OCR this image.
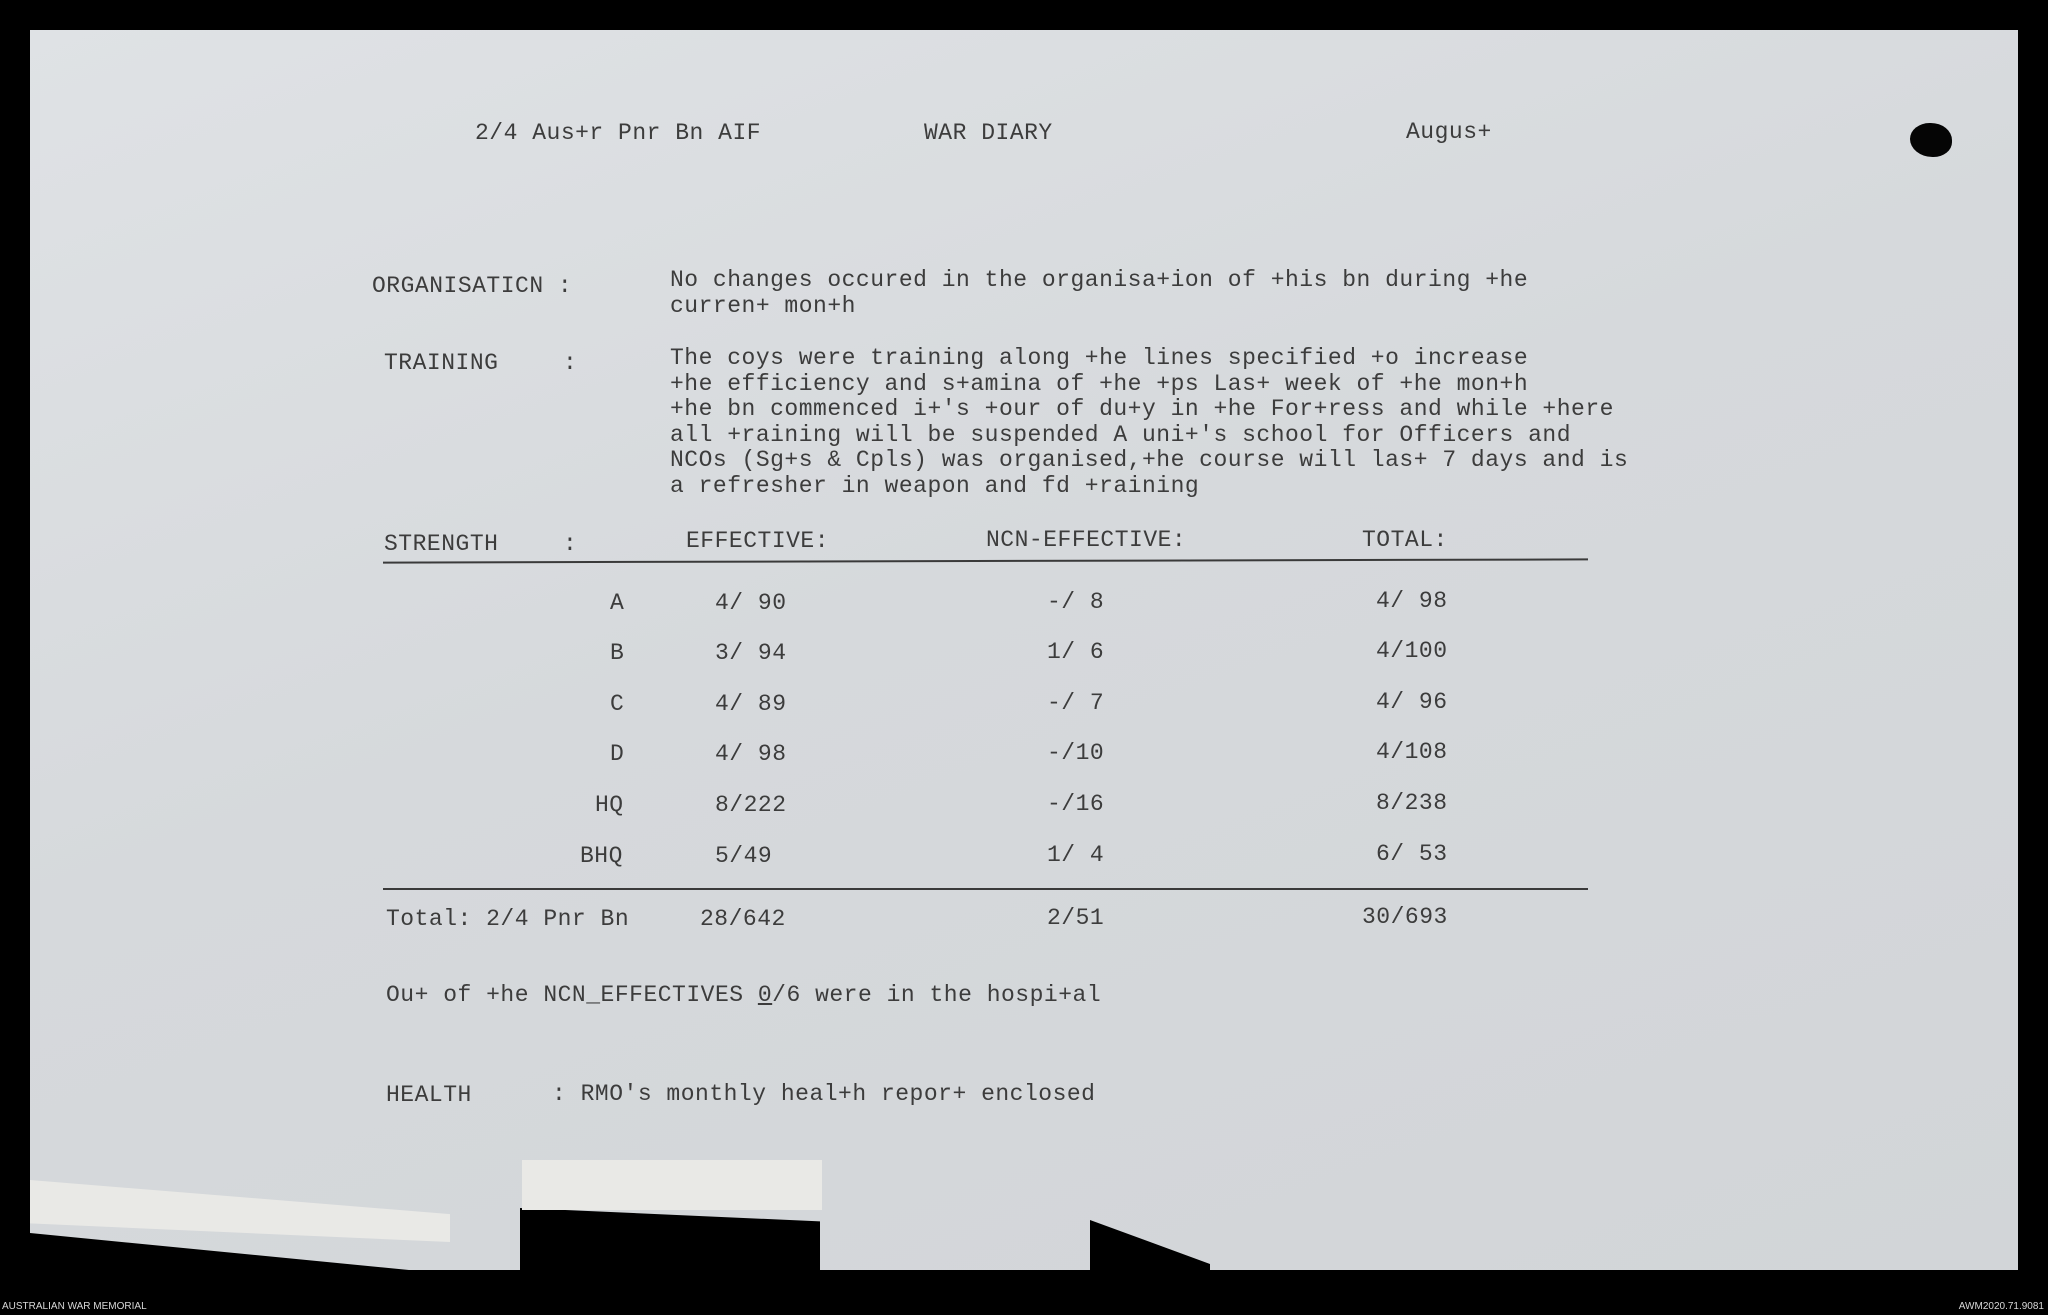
2/4 Aus+r Pnr Bn AIF	WAR DIARY	Augus+
ORGANISATICN :	No changes occured in the organisa+ion of +his bn during +he
curren+ mon+h
TRAINING	:	The coys were training along +he lines specified +o increase
+he efficiency and s+amina of +he +ps Las+ week of +he mon+h
+he bn commenced i+'s +our of du+y in +he For+ress and while +here
all +raining will be suspended A uni+'s school for Officers and
NCOs (Sg+s & Cpls) was organised,+he course will las+ 7 days and is
a refresher in weapon and fd +raining
STRENGTH	:	EFFECTIVE:	NCN-EFFECTIVE:	TOTAL:
A	4/ 90	-/ 8	4/ 98
B	3/ 94	1/ 6	4/100
C	4/ 89	-/ 7	4/ 96
D	4/ 98	-/10	4/108
HQ	8/222	-/16	8/238
BHQ	5/49	1/ 4	6/ 53
Total: 2/4 Pnr Bn	28/642	2/51	30/693
Ou+ of +he NCN_EFFECTIVES 0/6 were in the hospi+al
HEALTH	: RMO's monthly heal+h repor+ enclosed
AUSTRALIAN WAR MEMORIAL	AWM2020.71.9081
